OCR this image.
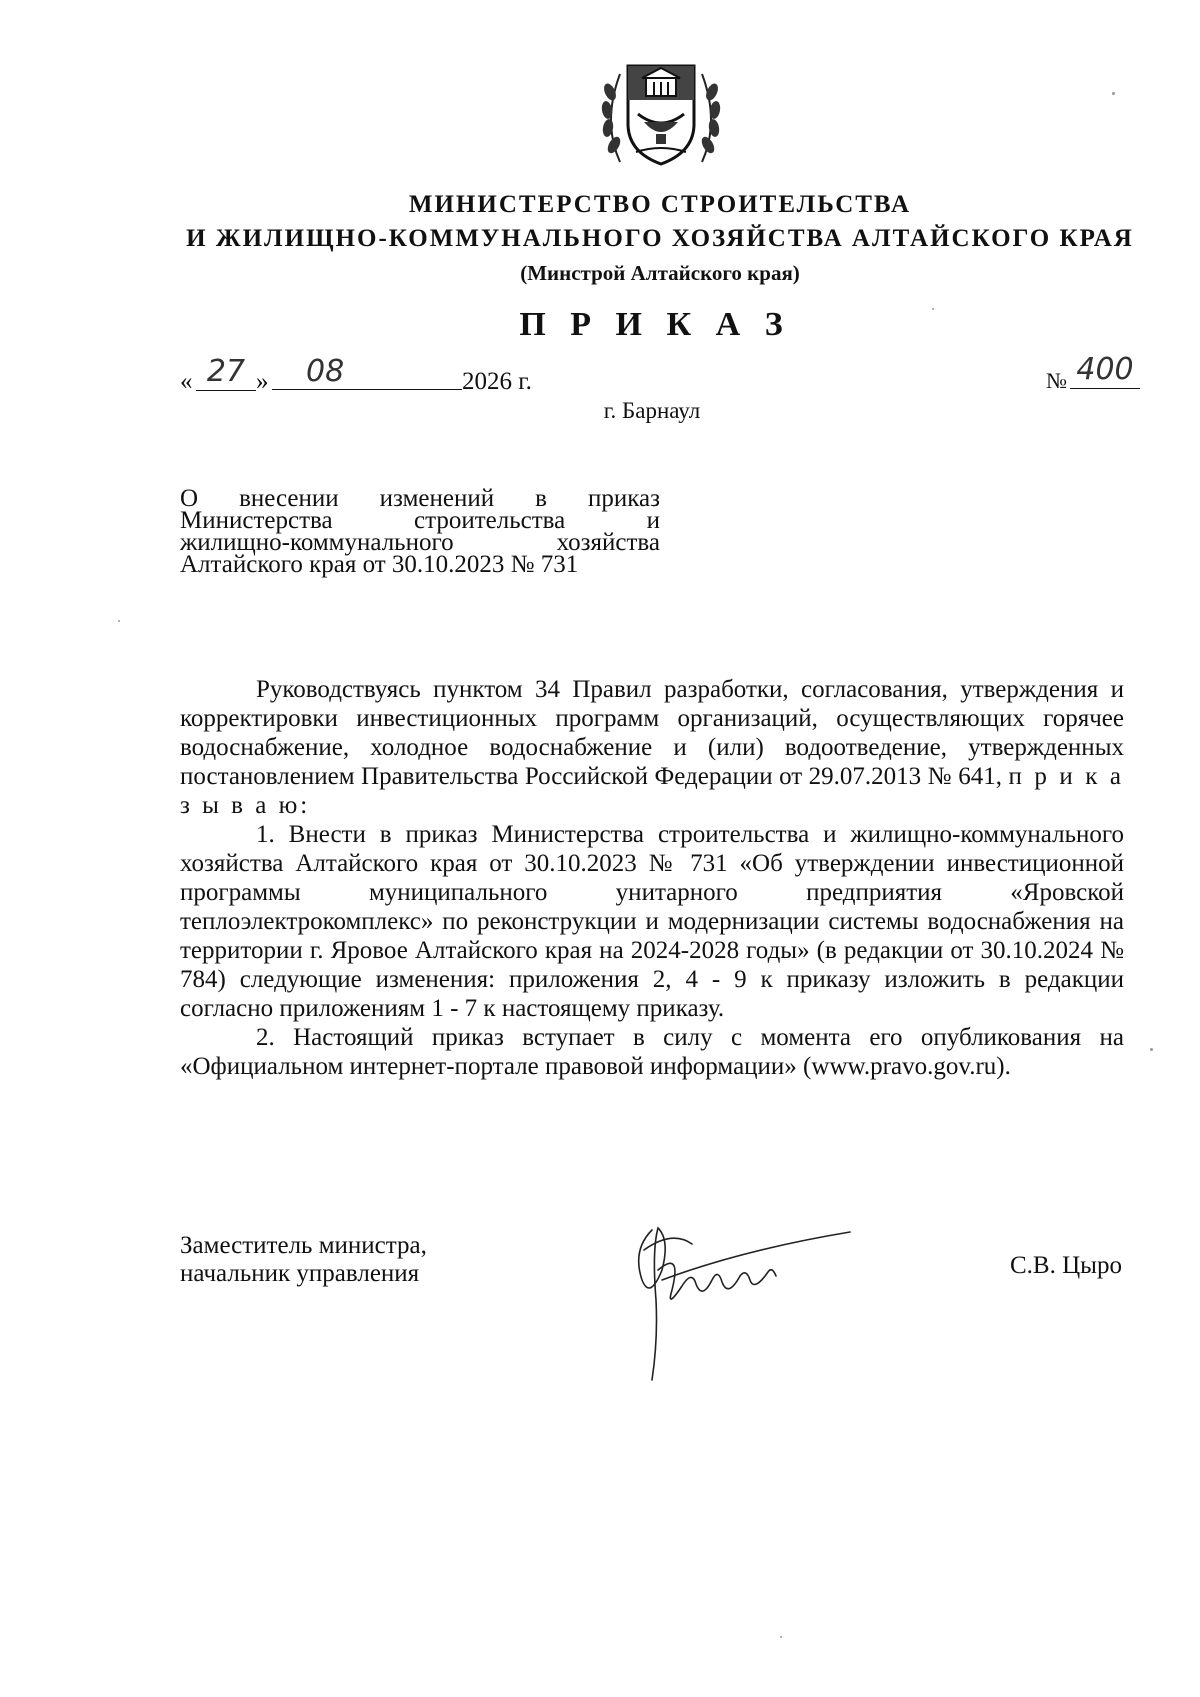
МИНИСТЕРСТВО СТРОИТЕЛЬСТВА
И ЖИЛИЩНО-КОММУНАЛЬНОГО ХОЗЯЙСТВА АЛТАЙСКОГО КРАЯ
(Минстрой Алтайского края)
П Р И К А З
« 27 »	08	2026 г.	№ 400
г. Барнаул
О внесении изменений в приказ
Министерства строительства и
жилищно-коммунального хозяйства
Алтайского края от 30.10.2023 № 731

Руководствуясь пунктом 34 Правил разработки, согласования, утверждения и корректировки инвестиционных программ организаций, осуществляющих горячее водоснабжение, холодное водоснабжение и (или) водоотведение, утвержденных постановлением Правительства Российской Федерации от 29.07.2013 № 641, п р и к а з ы в а ю:

1. Внести в приказ Министерства строительства и жилищно-коммунального хозяйства Алтайского края от 30.10.2023 № 731 «Об утверждении инвестиционной программы муниципального унитарного предприятия «Яровской теплоэлектрокомплекс» по реконструкции и модернизации системы водоснабжения на территории г. Яровое Алтайского края на 2024-2028 годы» (в редакции от 30.10.2024 № 784) следующие изменения: приложения 2, 4 - 9 к приказу изложить в редакции согласно приложениям 1 - 7 к настоящему приказу.

2. Настоящий приказ вступает в силу с момента его опубликования на «Официальном интернет-портале правовой информации» (www.pravo.gov.ru).

Заместитель министра,
начальник управления	С.В. Цыро
